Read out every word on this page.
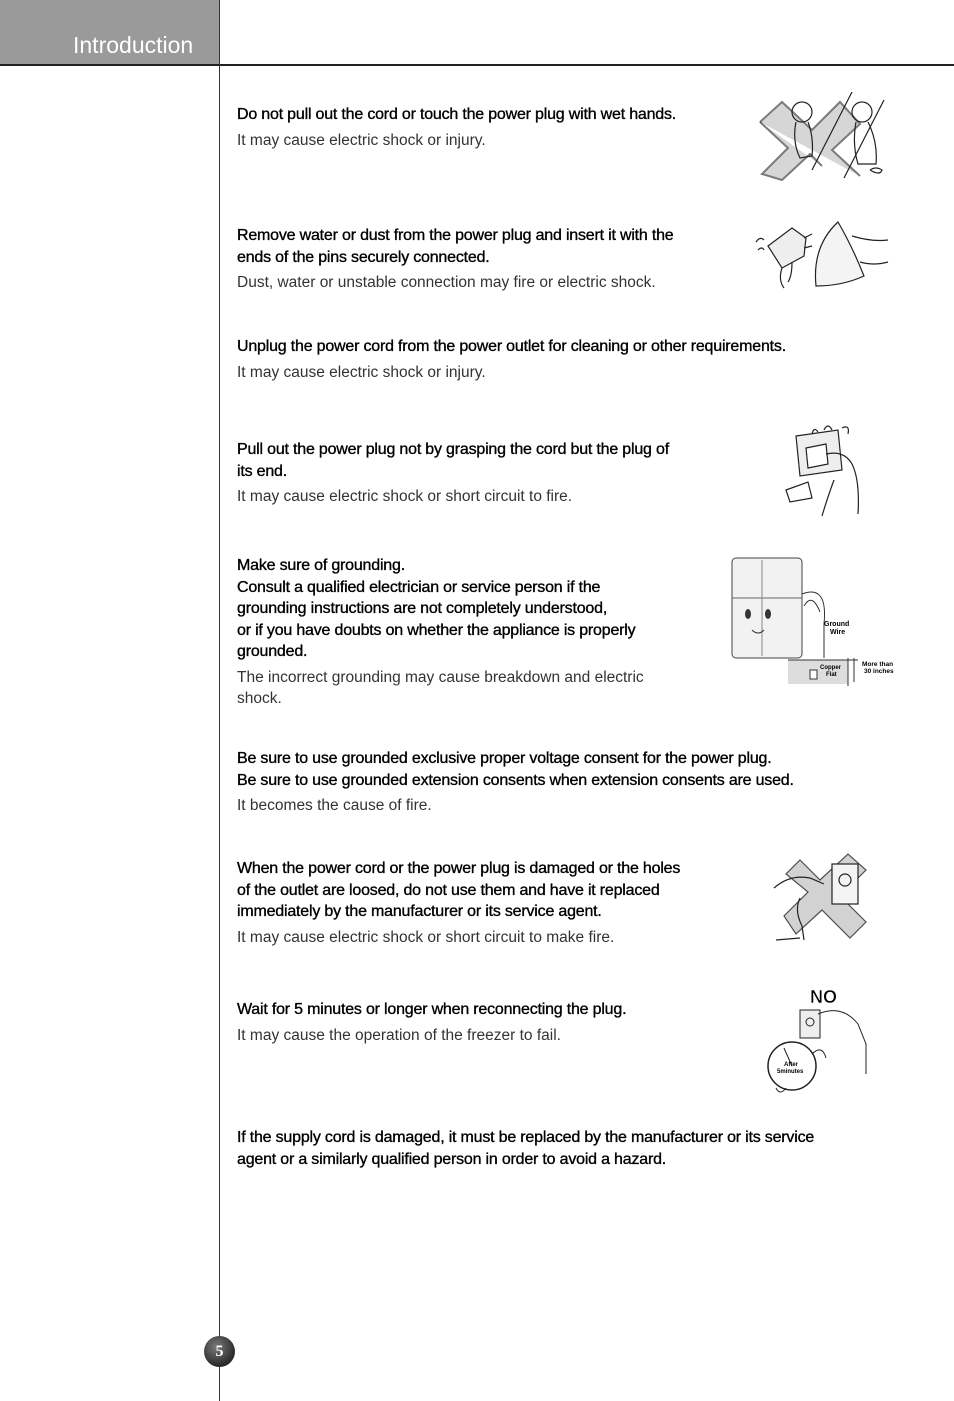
Introduction
Do not pull out the cord or touch the power plug with wet hands.
It may cause electric shock or injury.
Remove water or dust from the power plug and insert it with the
ends of the pins securely connected.
Dust, water or unstable connection may fire or electric shock.
Unplug the power cord from the power outlet for cleaning or other requirements.
It may cause electric shock or injury.
Pull out the power plug not by grasping the cord but the plug of
its end.
It may cause electric shock or short circuit to fire.
Make sure of grounding.
Consult a qualified electrician or service person if the
grounding instructions are not completely understood,
or if you have doubts on whether the appliance is properly
grounded.
The incorrect grounding may cause breakdown and electric
shock.
Ground
Wire
Copper
Flat
More than
30 inches
Be sure to use grounded exclusive proper voltage consent for the power plug.
Be sure to use grounded extension consents when extension consents are used.
It becomes the cause of fire.
When the power cord or the power plug is damaged or the holes
of the outlet are loosed, do not use them and have it replaced
immediately by the manufacturer or its service agent.
It may cause electric shock or short circuit to make fire.
Wait for 5 minutes or longer when reconnecting the plug.
It may cause the operation of the freezer to fail.
NO
After
5minutes
If the supply cord is damaged, it must be replaced by the manufacturer or its service
agent or a similarly qualified person in order to avoid a hazard.
5
